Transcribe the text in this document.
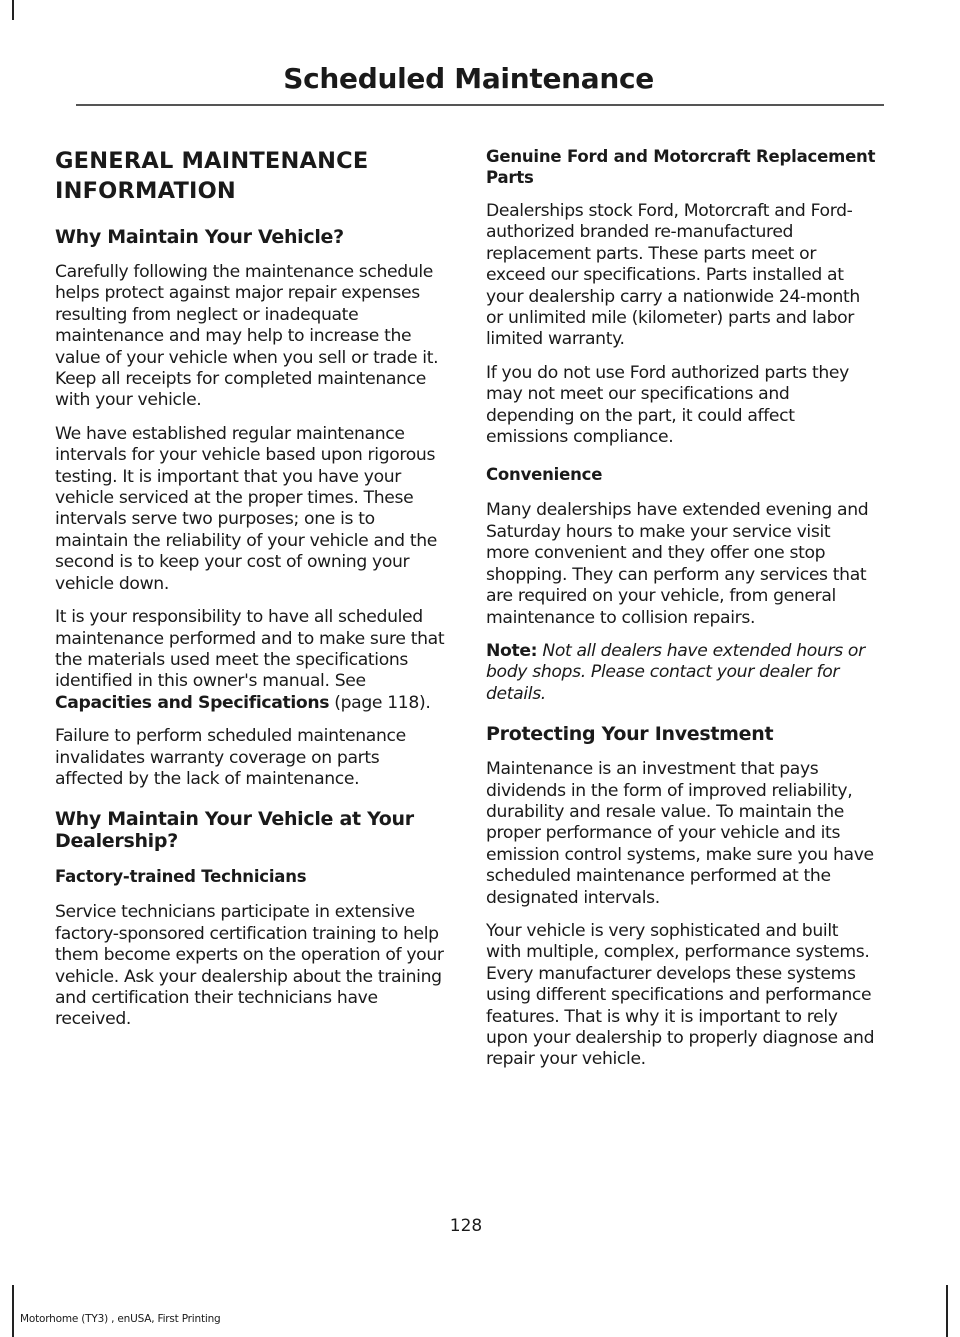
Scheduled Maintenance
GENERAL MAINTENANCE
INFORMATION
Why Maintain Your Vehicle?

Carefully following the maintenance schedule helps protect against major repair expenses resulting from neglect or inadequate maintenance and may help to increase the value of your vehicle when you sell or trade it. Keep all receipts for completed maintenance with your vehicle.

We have established regular maintenance intervals for your vehicle based upon rigorous testing. It is important that you have your vehicle serviced at the proper times. These intervals serve two purposes; one is to maintain the reliability of your vehicle and the second is to keep your cost of owning your vehicle down.

It is your responsibility to have all scheduled maintenance performed and to make sure that the materials used meet the specifications identified in this owner's manual. See Capacities and Specifications (page 118).

Failure to perform scheduled maintenance invalidates warranty coverage on parts affected by the lack of maintenance.

Why Maintain Your Vehicle at Your Dealership?
Factory-trained Technicians

Service technicians participate in extensive factory-sponsored certification training to help them become experts on the operation of your vehicle. Ask your dealership about the training and certification their technicians have received.

Genuine Ford and Motorcraft Replacement Parts

Dealerships stock Ford, Motorcraft and Ford-authorized branded re-manufactured replacement parts. These parts meet or exceed our specifications. Parts installed at your dealership carry a nationwide 24-month or unlimited mile (kilometer) parts and labor limited warranty.

If you do not use Ford authorized parts they may not meet our specifications and depending on the part, it could affect emissions compliance.

Convenience

Many dealerships have extended evening and Saturday hours to make your service visit more convenient and they offer one stop shopping. They can perform any services that are required on your vehicle, from general maintenance to collision repairs.

Note: Not all dealers have extended hours or body shops. Please contact your dealer for details.

Protecting Your Investment

Maintenance is an investment that pays dividends in the form of improved reliability, durability and resale value. To maintain the proper performance of your vehicle and its emission control systems, make sure you have scheduled maintenance performed at the designated intervals.

Your vehicle is very sophisticated and built with multiple, complex, performance systems. Every manufacturer develops these systems using different specifications and performance features. That is why it is important to rely upon your dealership to properly diagnose and repair your vehicle.

128

Motorhome (TY3) , enUSA, First Printing
